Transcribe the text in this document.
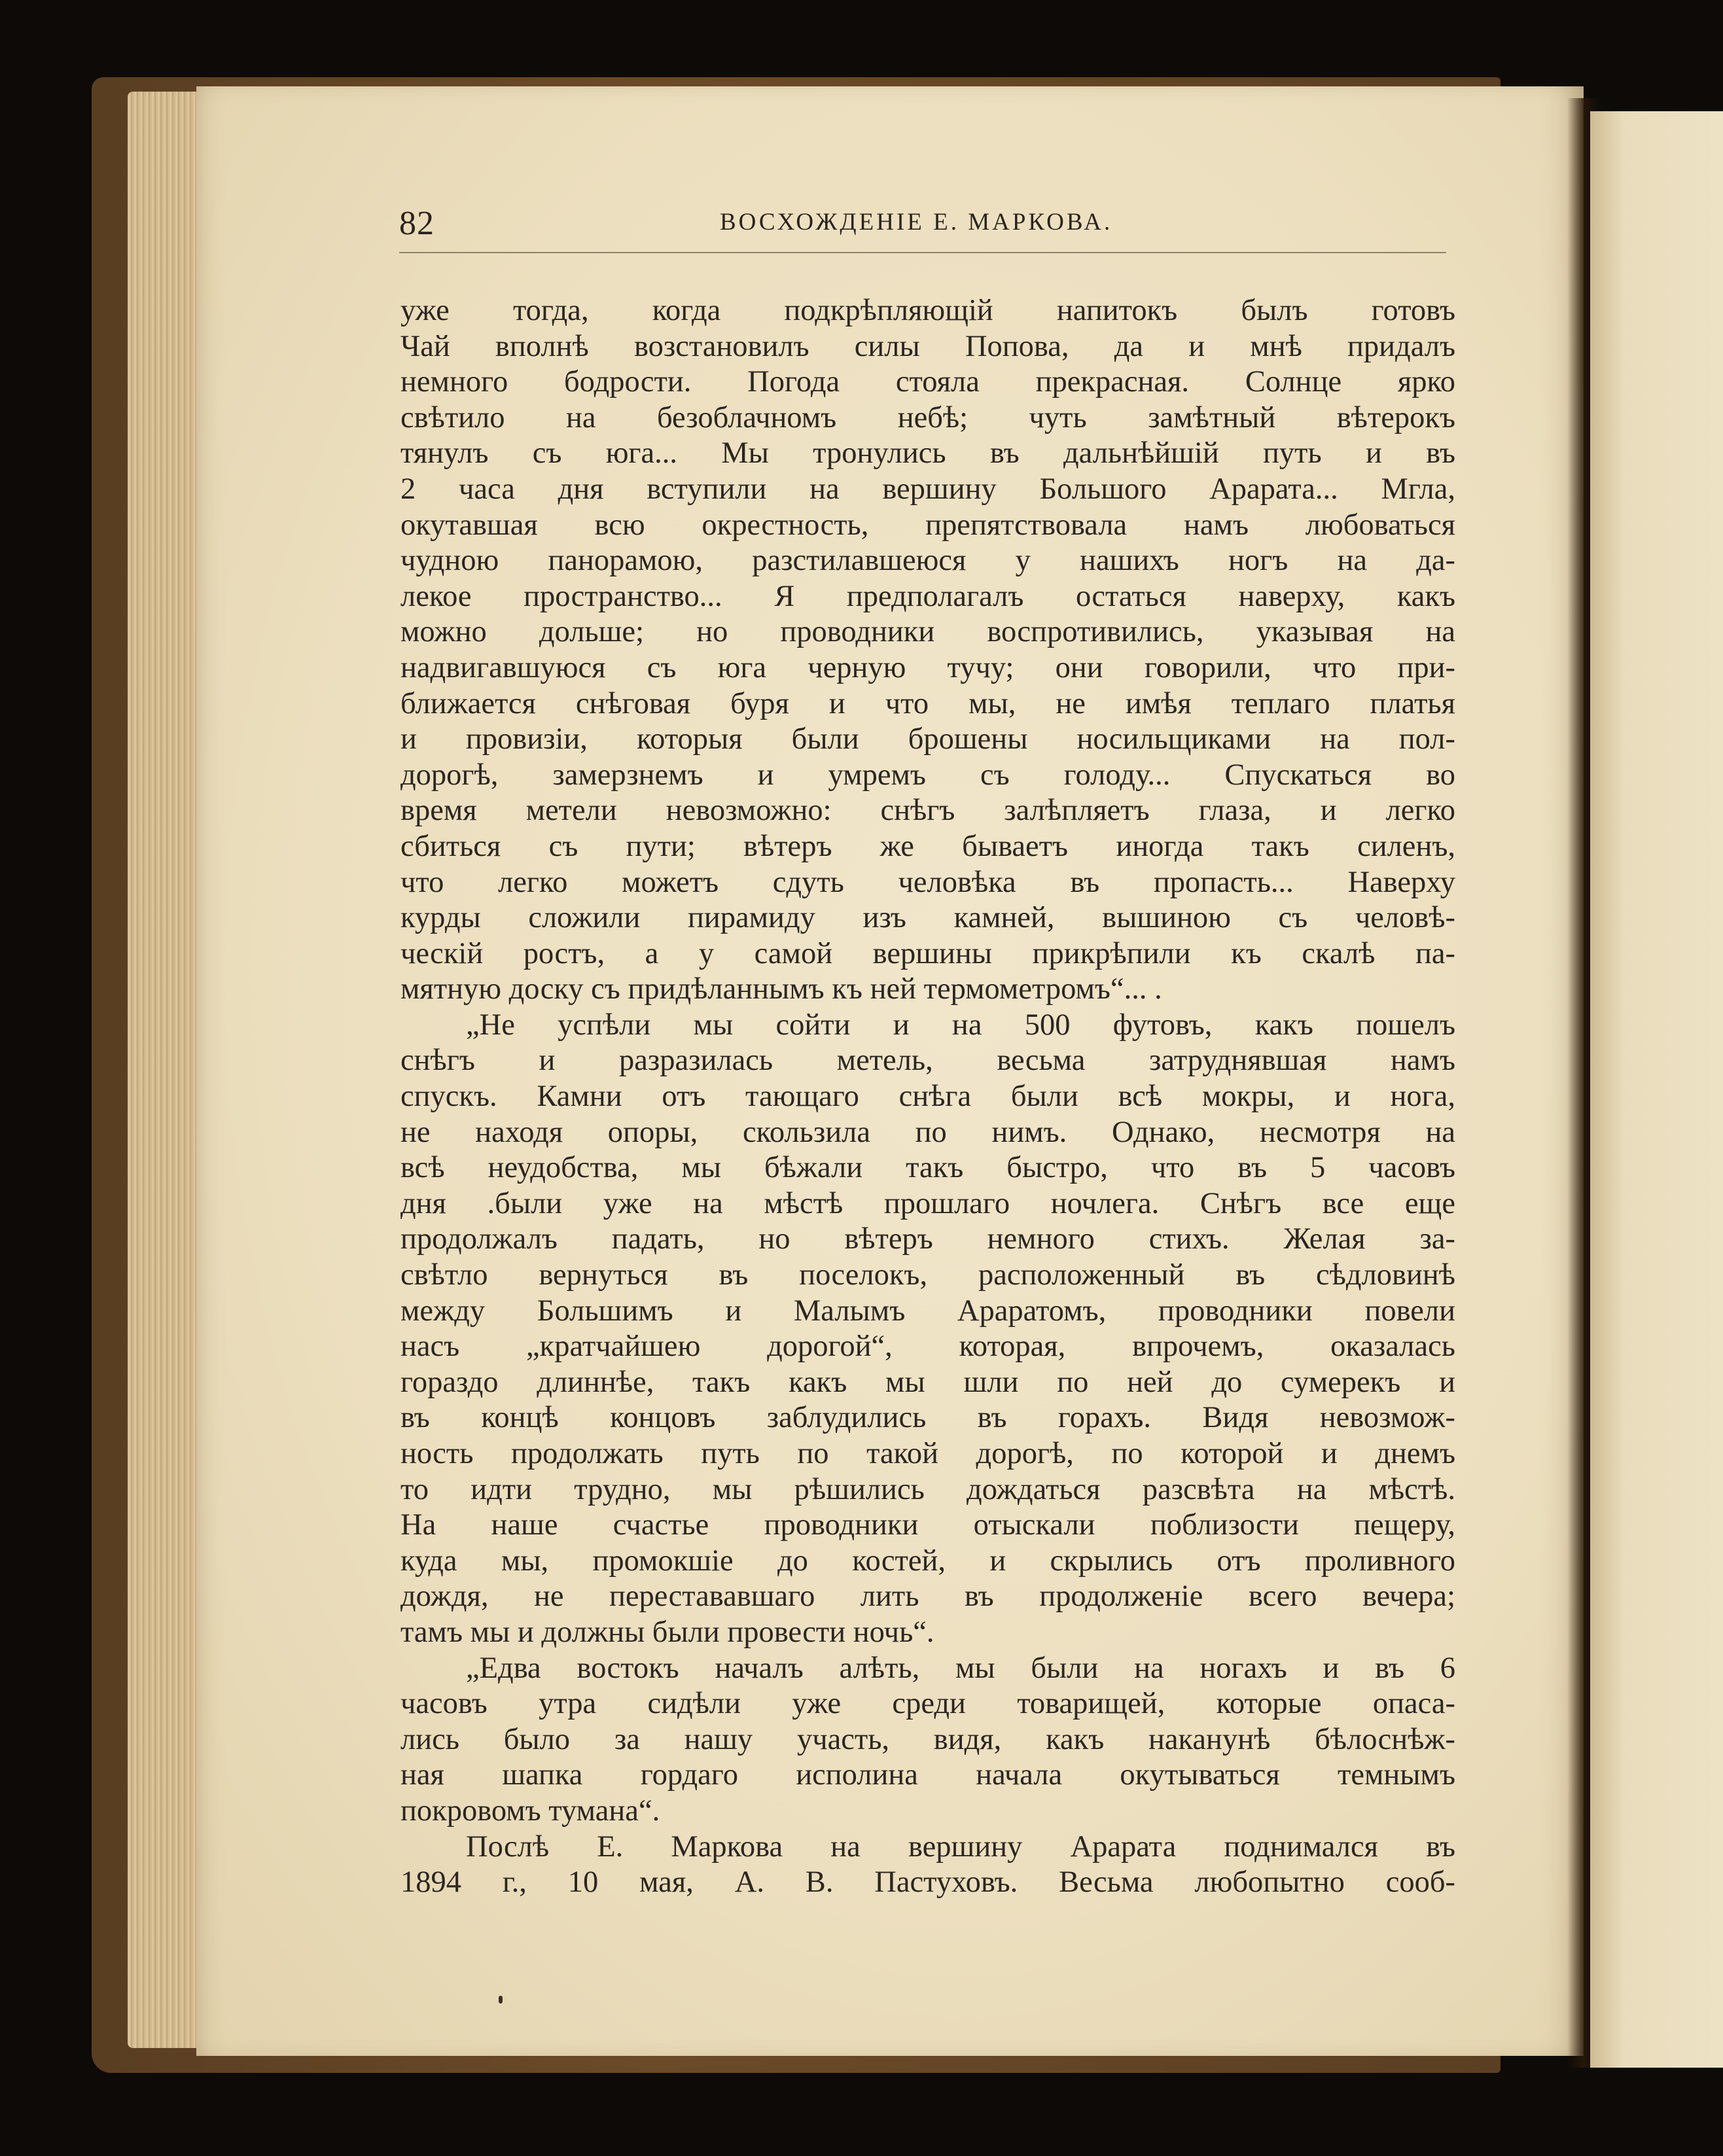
82	ВОСХОЖДЕНІЕ Е. МАРКОВА.
уже тогда, когда подкрѣпляющій напитокъ былъ готовъ
Чай вполнѣ возстановилъ силы Попова, да и мнѣ придалъ
немного бодрости. Погода стояла прекрасная. Солнце ярко
свѣтило на безоблачномъ небѣ; чуть замѣтный вѣтерокъ
тянулъ съ юга... Мы тронулись въ дальнѣйшій путь и въ
2 часа дня вступили на вершину Большого Арарата... Мгла,
окутавшая всю окрестность, препятствовала намъ любоваться
чудною панорамою, разстилавшеюся у нашихъ ногъ на да-
лекое пространство... Я предполагалъ остаться наверху, какъ
можно дольше; но проводники воспротивились, указывая на
надвигавшуюся съ юга черную тучу; они говорили, что при-
ближается снѣговая буря и что мы, не имѣя теплаго платья
и провизіи, которыя были брошены носильщиками на пол-
дорогѣ, замерзнемъ и умремъ съ голоду... Спускаться во
время метели невозможно: снѣгъ залѣпляетъ глаза, и легко
сбиться съ пути; вѣтеръ же бываетъ иногда такъ силенъ,
что легко можетъ сдуть человѣка въ пропасть... Наверху
курды сложили пирамиду изъ камней, вышиною съ человѣ-
ческій ростъ, а у самой вершины прикрѣпили къ скалѣ па-
мятную доску съ придѣланнымъ къ ней термометромъ“... .
„Не успѣли мы сойти и на 500 футовъ, какъ пошелъ
снѣгъ и разразилась метель, весьма затруднявшая намъ
спускъ. Камни отъ тающаго снѣга были всѣ мокры, и нога,
не находя опоры, скользила по нимъ. Однако, несмотря на
всѣ неудобства, мы бѣжали такъ быстро, что въ 5 часовъ
дня .были уже на мѣстѣ прошлаго ночлега. Снѣгъ все еще
продолжалъ падать, но вѣтеръ немного стихъ. Желая за-
свѣтло вернуться въ поселокъ, расположенный въ сѣдловинѣ
между Большимъ и Малымъ Араратомъ, проводники повели
насъ „кратчайшею дорогой“, которая, впрочемъ, оказалась
гораздо длиннѣе, такъ какъ мы шли по ней до сумерекъ и
въ концѣ концовъ заблудились въ горахъ. Видя невозмож-
ность продолжать путь по такой дорогѣ, по которой и днемъ
то идти трудно, мы рѣшились дождаться разсвѣта на мѣстѣ.
На наше счастье проводники отыскали поблизости пещеру,
куда мы, промокшіе до костей, и скрылись отъ проливного
дождя, не перестававшаго лить въ продолженіе всего вечера;
тамъ мы и должны были провести ночь“.
„Едва востокъ началъ алѣть, мы были на ногахъ и въ 6
часовъ утра сидѣли уже среди товарищей, которые опаса-
лись было за нашу участь, видя, какъ наканунѣ бѣлоснѣж-
ная шапка гордаго исполина начала окутываться темнымъ
покровомъ тумана“.
Послѣ Е. Маркова на вершину Арарата поднимался въ
1894 г., 10 мая, А. В. Пастуховъ. Весьма любопытно сооб-
